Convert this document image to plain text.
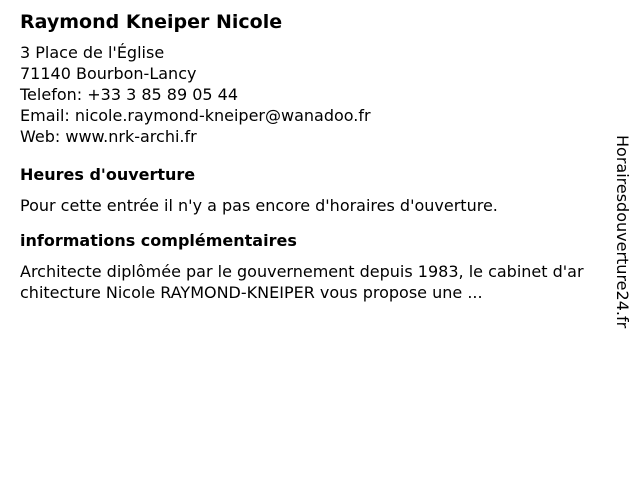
Raymond Kneiper Nicole
3 Place de l'Église
71140 Bourbon-Lancy
Telefon: +33 3 85 89 05 44
Email: nicole.raymond-kneiper@wanadoo.fr
Web: www.nrk-archi.fr
Heures d'ouverture
Pour cette entrée il n'y a pas encore d'horaires d'ouverture.
informations complémentaires
Architecte diplômée par le gouvernement depuis 1983, le cabinet d'architecture Nicole RAYMOND-KNEIPER vous propose une ...	Horairesdouverture24.fr
